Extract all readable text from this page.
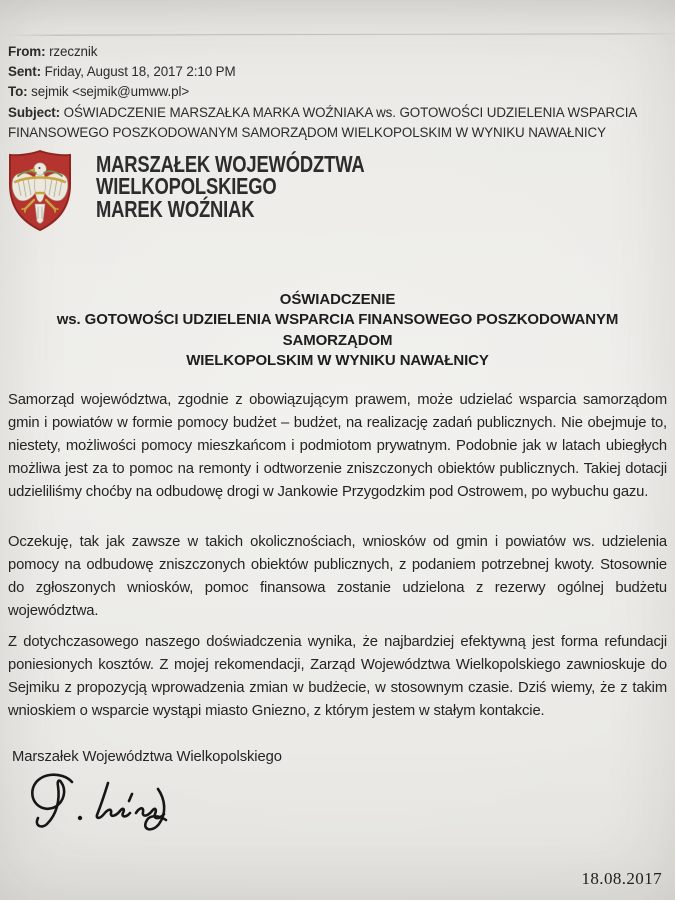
From: rzecznik
Sent: Friday, August 18, 2017 2:10 PM
To: sejmik <sejmik@umww.pl>
Subject: OŚWIADCZENIE MARSZAŁKA MARKA WOŹNIAKA ws. GOTOWOŚCI UDZIELENIA WSPARCIA FINANSOWEGO POSZKODOWANYM SAMORZĄDOM WIELKOPOLSKIM W WYNIKU NAWAŁNICY
MARSZAŁEK WOJEWÓDZTWA
WIELKOPOLSKIEGO
MAREK WOŹNIAK
OŚWIADCZENIE
ws. GOTOWOŚCI UDZIELENIA WSPARCIA FINANSOWEGO POSZKODOWANYM SAMORZĄDOM
WIELKOPOLSKIM W WYNIKU NAWAŁNICY

Samorząd województwa, zgodnie z obowiązującym prawem, może udzielać wsparcia samorządom gmin i powiatów w formie pomocy budżet – budżet, na realizację zadań publicznych. Nie obejmuje to, niestety, możliwości pomocy mieszkańcom i podmiotom prywatnym. Podobnie jak w latach ubiegłych możliwa jest za to pomoc na remonty i odtworzenie zniszczonych obiektów publicznych. Takiej dotacji udzieliliśmy choćby na odbudowę drogi w Jankowie Przygodzkim pod Ostrowem, po wybuchu gazu.

Oczekuję, tak jak zawsze w takich okolicznościach, wniosków od gmin i powiatów ws. udzielenia pomocy na odbudowę zniszczonych obiektów publicznych, z podaniem potrzebnej kwoty. Stosownie do zgłoszonych wniosków, pomoc finansowa zostanie udzielona z rezerwy ogólnej budżetu województwa.

Z dotychczasowego naszego doświadczenia wynika, że najbardziej efektywną jest forma refundacji poniesionych kosztów. Z mojej rekomendacji, Zarząd Województwa Wielkopolskiego zawnioskuje do Sejmiku z propozycją wprowadzenia zmian w budżecie, w stosownym czasie. Dziś wiemy, że z takim wnioskiem o wsparcie wystąpi miasto Gniezno, z którym jestem w stałym kontakcie.

Marszałek Województwa Wielkopolskiego
18.08.2017
